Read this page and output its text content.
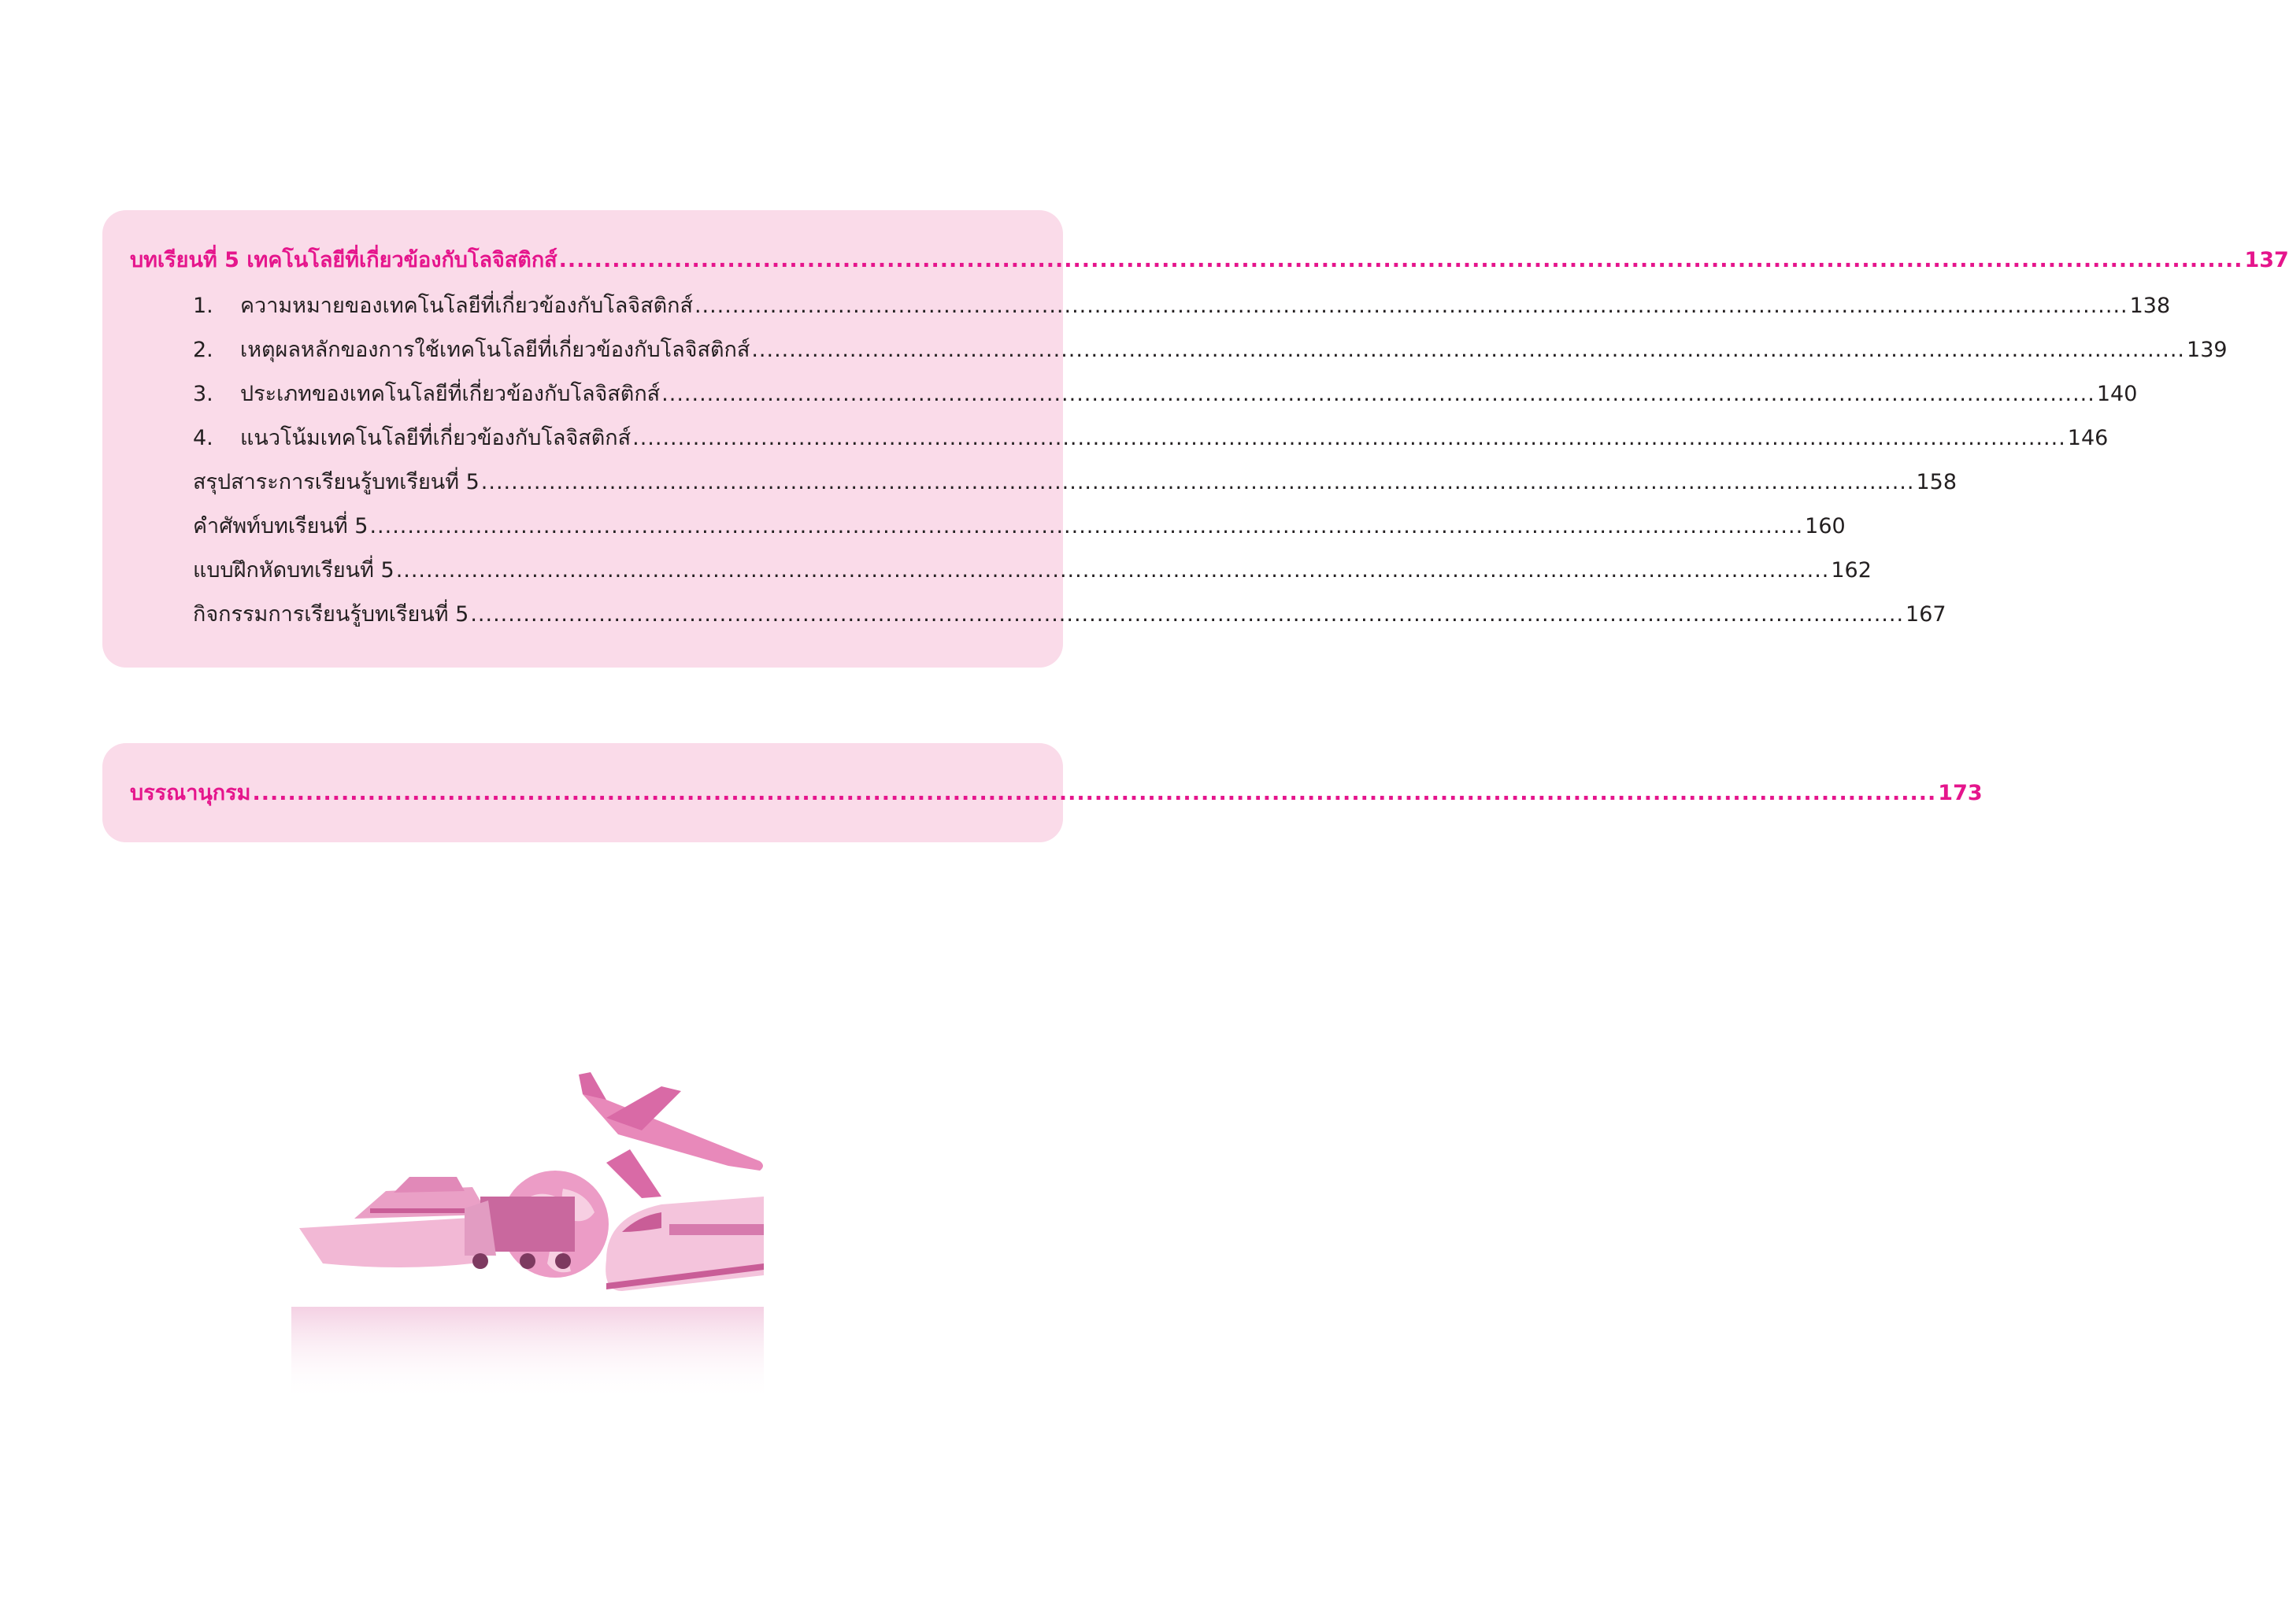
บทเรียนที่ 5 เทคโนโลยีที่เกี่ยวข้องกับโลจิสติกส์ .............................................................................................................................................................................................. 137
1. ความหมายของเทคโนโลยีที่เกี่ยวข้องกับโลจิสติกส์ .............................................................................................................................................................................................. 138
2. เหตุผลหลักของการใช้เทคโนโลยีที่เกี่ยวข้องกับโลจิสติกส์ .............................................................................................................................................................................................. 139
3. ประเภทของเทคโนโลยีที่เกี่ยวข้องกับโลจิสติกส์ .............................................................................................................................................................................................. 140
4. แนวโน้มเทคโนโลยีที่เกี่ยวข้องกับโลจิสติกส์ .............................................................................................................................................................................................. 146
สรุปสาระการเรียนรู้บทเรียนที่ 5 .............................................................................................................................................................................................. 158
คำศัพท์บทเรียนที่ 5 .............................................................................................................................................................................................. 160
แบบฝึกหัดบทเรียนที่ 5 .............................................................................................................................................................................................. 162
กิจกรรมการเรียนรู้บทเรียนที่ 5 .............................................................................................................................................................................................. 167
บรรณานุกรม .............................................................................................................................................................................................. 173
